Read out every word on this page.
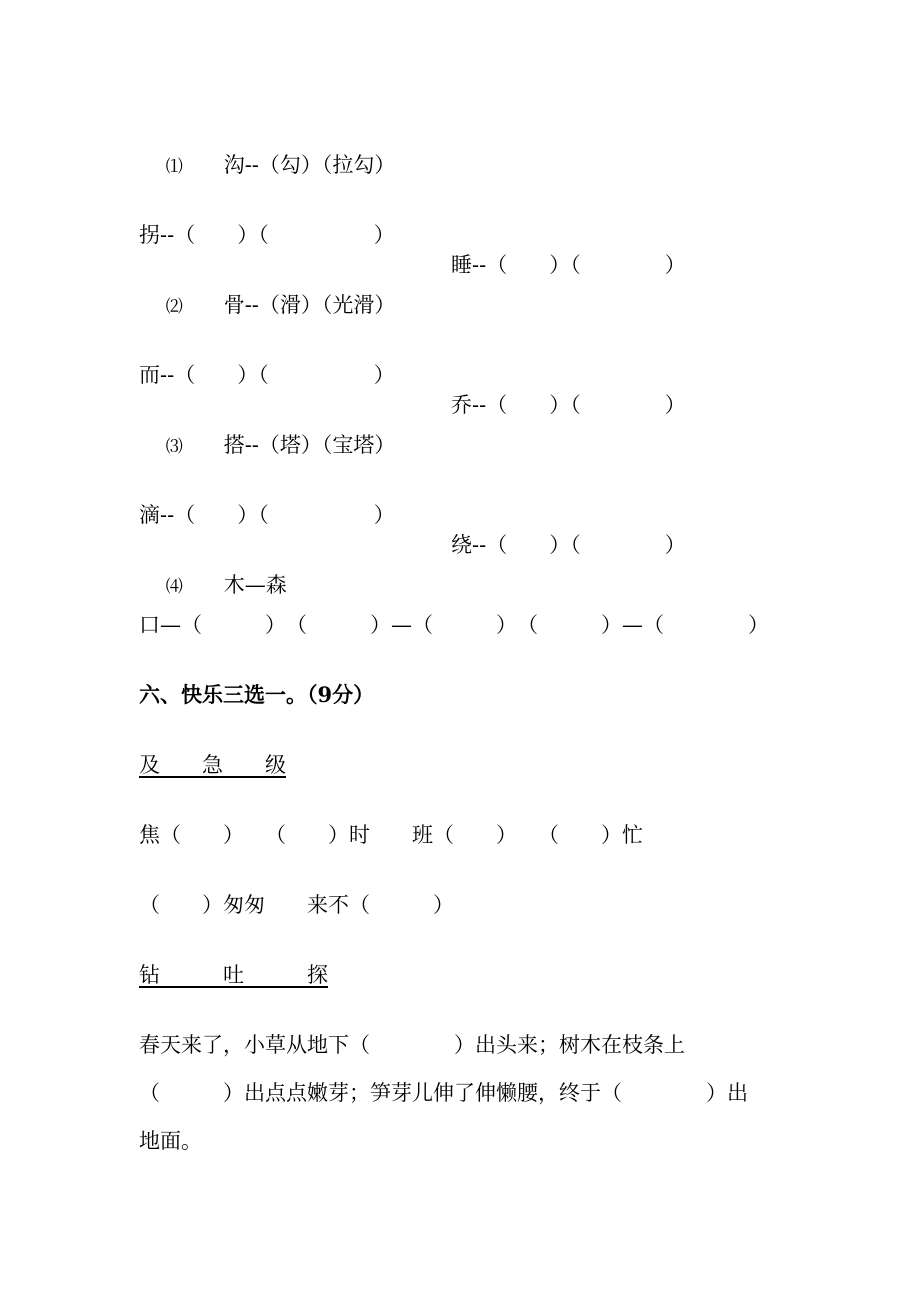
⑴ 沟--（勾）（拉勾）

拐--（　　）（　　　　　）

睡--（　　）（　　　　）

⑵ 骨--（滑）（光滑）

而--（　　）（　　　　　）

乔--（　　）（　　　　）

⑶ 搭--（塔）（宝塔）

滴--（　　）（　　　　　）

绕--（　　）（　　　　）

⑷ 木—森

口—（　　　）　（　　　）—（　　　）　（　　　）—（　　　　）
六、快乐三选一。（9分）
及　　急　　级
焦（　　）　　（　　）时　　班（　　）　　（　　）忙
（　　）匆匆　　来不（　　　）
钻　　　吐　　　探
春天来了，小草从地下（　　　　）出头来；树木在枝条上
（　　　）出点点嫩芽；笋芽儿伸了伸懒腰，终于（　　　　）出
地面。
